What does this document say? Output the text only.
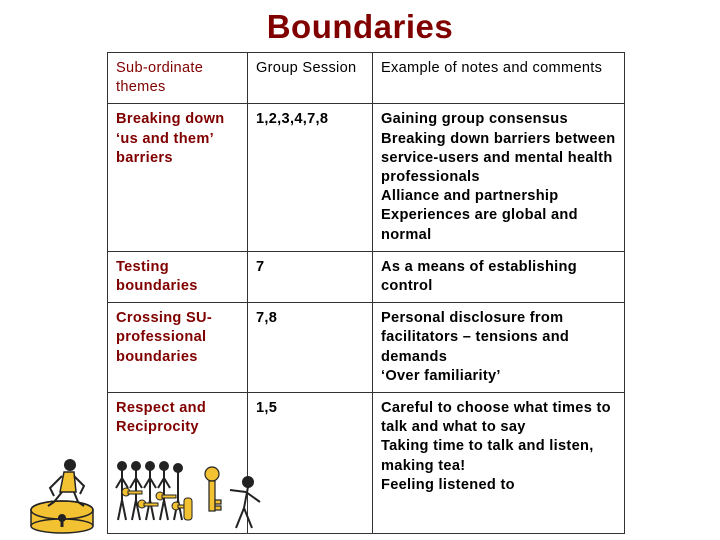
Boundaries
Sub-ordinate themes	Group Session	Example of notes and comments
Breaking down ‘us and them’ barriers	1,2,3,4,7,8	Gaining group consensus
Breaking down barriers between service-users and mental health professionals
Alliance and partnership
Experiences are global and normal

Testing boundaries	7	As a means of establishing control

Crossing SU-professional boundaries	7,8	Personal disclosure from facilitators – tensions and demands
‘Over familiarity’

Respect and Reciprocity	1,5	Careful to choose what times to talk and what to say
Taking time to talk and listen, making tea!
Feeling listened to
